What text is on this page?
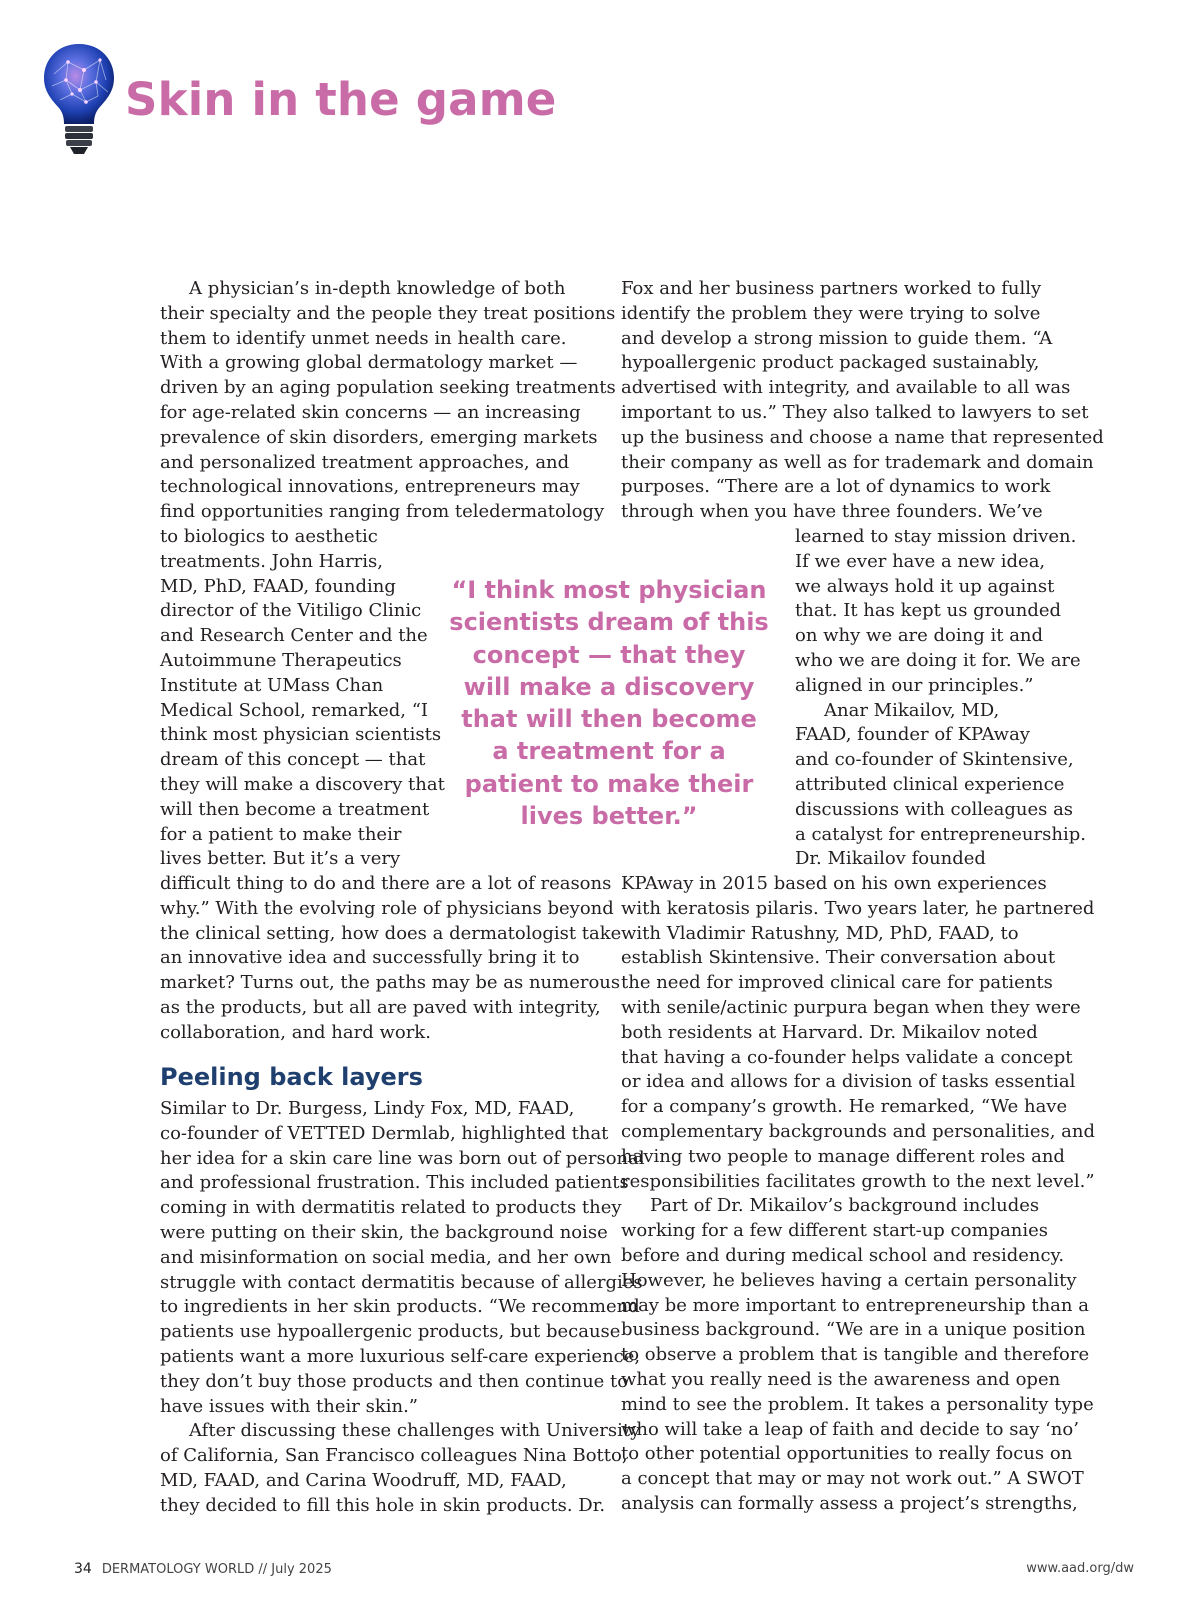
Skin in the game
A physician’s in-depth knowledge of both
their specialty and the people they treat positions
them to identify unmet needs in health care.
With a growing global dermatology market —
driven by an aging population seeking treatments
for age-related skin concerns — an increasing
prevalence of skin disorders, emerging markets
and personalized treatment approaches, and
technological innovations, entrepreneurs may
find opportunities ranging from teledermatology
to biologics to aesthetic
treatments. John Harris,
MD, PhD, FAAD, founding
director of the Vitiligo Clinic
and Research Center and the
Autoimmune Therapeutics
Institute at UMass Chan
Medical School, remarked, “I
think most physician scientists
dream of this concept — that
they will make a discovery that
will then become a treatment
for a patient to make their
lives better. But it’s a very
difficult thing to do and there are a lot of reasons
why.” With the evolving role of physicians beyond
the clinical setting, how does a dermatologist take
an innovative idea and successfully bring it to
market? Turns out, the paths may be as numerous
as the products, but all are paved with integrity,
collaboration, and hard work.
Peeling back layers
Similar to Dr. Burgess, Lindy Fox, MD, FAAD,
co-founder of VETTED Dermlab, highlighted that
her idea for a skin care line was born out of personal
and professional frustration. This included patients
coming in with dermatitis related to products they
were putting on their skin, the background noise
and misinformation on social media, and her own
struggle with contact dermatitis because of allergies
to ingredients in her skin products. “We recommend
patients use hypoallergenic products, but because
patients want a more luxurious self-care experience,
they don’t buy those products and then continue to
have issues with their skin.”
After discussing these challenges with University
of California, San Francisco colleagues Nina Botto,
MD, FAAD, and Carina Woodruff, MD, FAAD,
they decided to fill this hole in skin products. Dr.
“I think most physician
scientists dream of this
concept — that they
will make a discovery
that will then become
a treatment for a
patient to make their
lives better.”
Fox and her business partners worked to fully
identify the problem they were trying to solve
and develop a strong mission to guide them. “A
hypoallergenic product packaged sustainably,
advertised with integrity, and available to all was
important to us.” They also talked to lawyers to set
up the business and choose a name that represented
their company as well as for trademark and domain
purposes. “There are a lot of dynamics to work
through when you have three founders. We’ve
learned to stay mission driven.
If we ever have a new idea,
we always hold it up against
that. It has kept us grounded
on why we are doing it and
who we are doing it for. We are
aligned in our principles.”
Anar Mikailov, MD,
FAAD, founder of KPAway
and co-founder of Skintensive,
attributed clinical experience
discussions with colleagues as
a catalyst for entrepreneurship.
Dr. Mikailov founded
KPAway in 2015 based on his own experiences
with keratosis pilaris. Two years later, he partnered
with Vladimir Ratushny, MD, PhD, FAAD, to
establish Skintensive. Their conversation about
the need for improved clinical care for patients
with senile/actinic purpura began when they were
both residents at Harvard. Dr. Mikailov noted
that having a co-founder helps validate a concept
or idea and allows for a division of tasks essential
for a company’s growth. He remarked, “We have
complementary backgrounds and personalities, and
having two people to manage different roles and
responsibilities facilitates growth to the next level.”
Part of Dr. Mikailov’s background includes
working for a few different start-up companies
before and during medical school and residency.
However, he believes having a certain personality
may be more important to entrepreneurship than a
business background. “We are in a unique position
to observe a problem that is tangible and therefore
what you really need is the awareness and open
mind to see the problem. It takes a personality type
who will take a leap of faith and decide to say ‘no’
to other potential opportunities to really focus on
a concept that may or may not work out.” A SWOT
analysis can formally assess a project’s strengths,
34 DERMATOLOGY WORLD // July 2025	www.aad.org/dw
